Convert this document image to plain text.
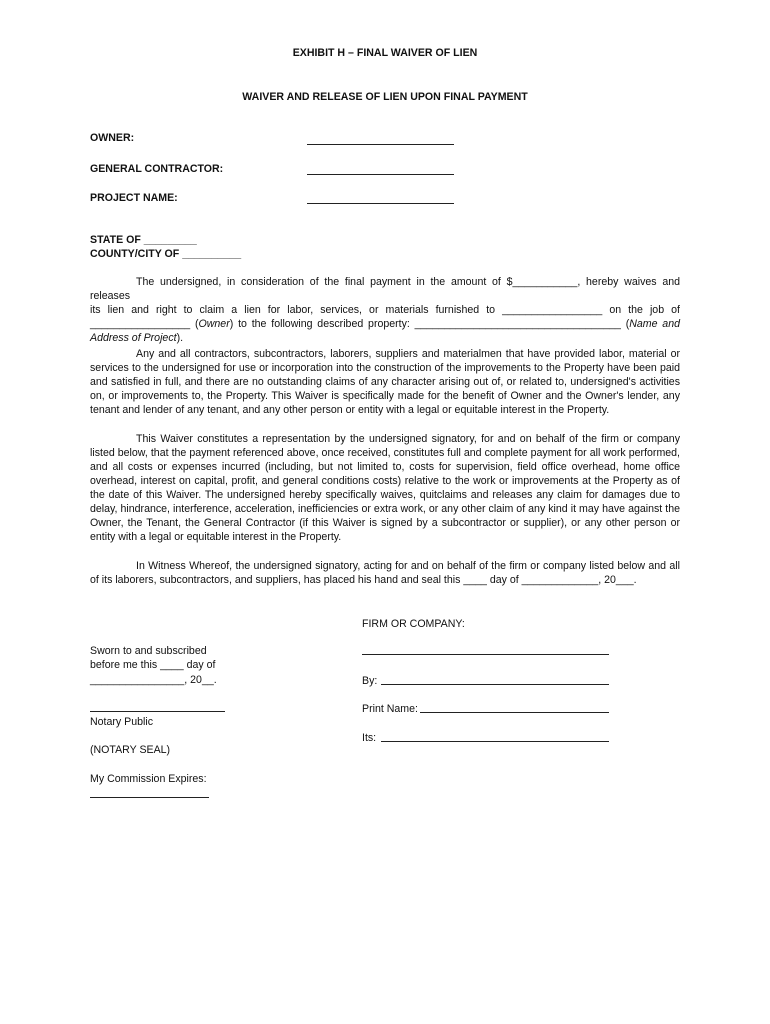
EXHIBIT H – FINAL WAIVER OF LIEN
WAIVER AND RELEASE OF LIEN UPON FINAL PAYMENT
OWNER:
GENERAL CONTRACTOR:
PROJECT NAME:
STATE OF _________
COUNTY/CITY OF __________
The undersigned, in consideration of the final payment in the amount of $___________, hereby waives and releases
its lien and right to claim a lien for labor, services, or materials furnished to _________________ on the job of
_________________ (Owner) to the following described property: ___________________________________ (Name and
Address of Project).

Any and all contractors, subcontractors, laborers, suppliers and materialmen that have provided labor, material or services to the undersigned for use or incorporation into the construction of the improvements to the Property have been paid and satisfied in full, and there are no outstanding claims of any character arising out of, or related to, undersigned's activities on, or improvements to, the Property. This Waiver is specifically made for the benefit of Owner and the Owner's lender, any tenant and lender of any tenant, and any other person or entity with a legal or equitable interest in the Property.

This Waiver constitutes a representation by the undersigned signatory, for and on behalf of the firm or company listed below, that the payment referenced above, once received, constitutes full and complete payment for all work performed, and all costs or expenses incurred (including, but not limited to, costs for supervision, field office overhead, home office overhead, interest on capital, profit, and general conditions costs) relative to the work or improvements at the Property as of the date of this Waiver. The undersigned hereby specifically waives, quitclaims and releases any claim for damages due to delay, hindrance, interference, acceleration, inefficiencies or extra work, or any other claim of any kind it may have against the Owner, the Tenant, the General Contractor (if this Waiver is signed by a subcontractor or supplier), or any other person or entity with a legal or equitable interest in the Property.

In Witness Whereof, the undersigned signatory, acting for and on behalf of the firm or company listed below and all of its laborers, subcontractors, and suppliers, has placed his hand and seal this ____ day of _____________, 20___.

FIRM OR COMPANY:
By:
Print Name:
Its:
Sworn to and subscribed
before me this ____ day of
________________, 20__.
Notary Public
(NOTARY SEAL)
My Commission Expires:
